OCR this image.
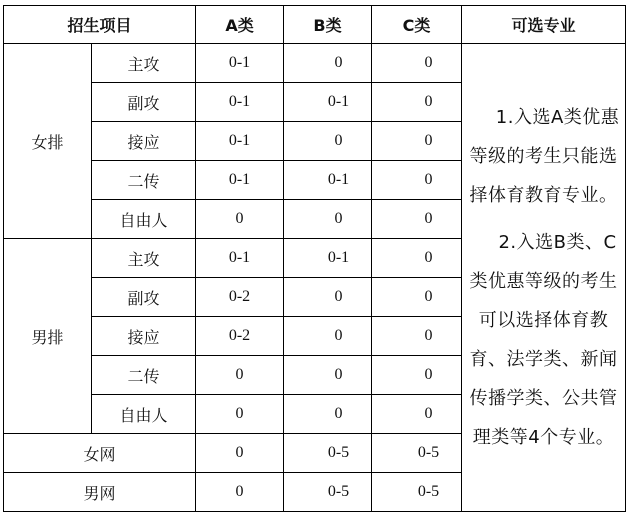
招生项目		A类	B类	C类	可选专业
女排	主攻	0-1	0	0	1.入选A类优惠等级的考生只能选择体育教育专业。

2.入选B类、C类优惠等级的考生可以选择体育教育、法学类、新闻传播学类、公共管理类等4个专业。

	副攻	0-1	0-1	0	
	接应	0-1	0	0	
	二传	0-1	0-1	0	
	自由人	0	0	0	
男排	主攻	0-1	0-1	0	
	副攻	0-2	0	0	
	接应	0-2	0	0	
	二传	0	0	0	
	自由人	0	0	0	
女网		0	0-5	0-5	
男网		0	0-5	0-5	
